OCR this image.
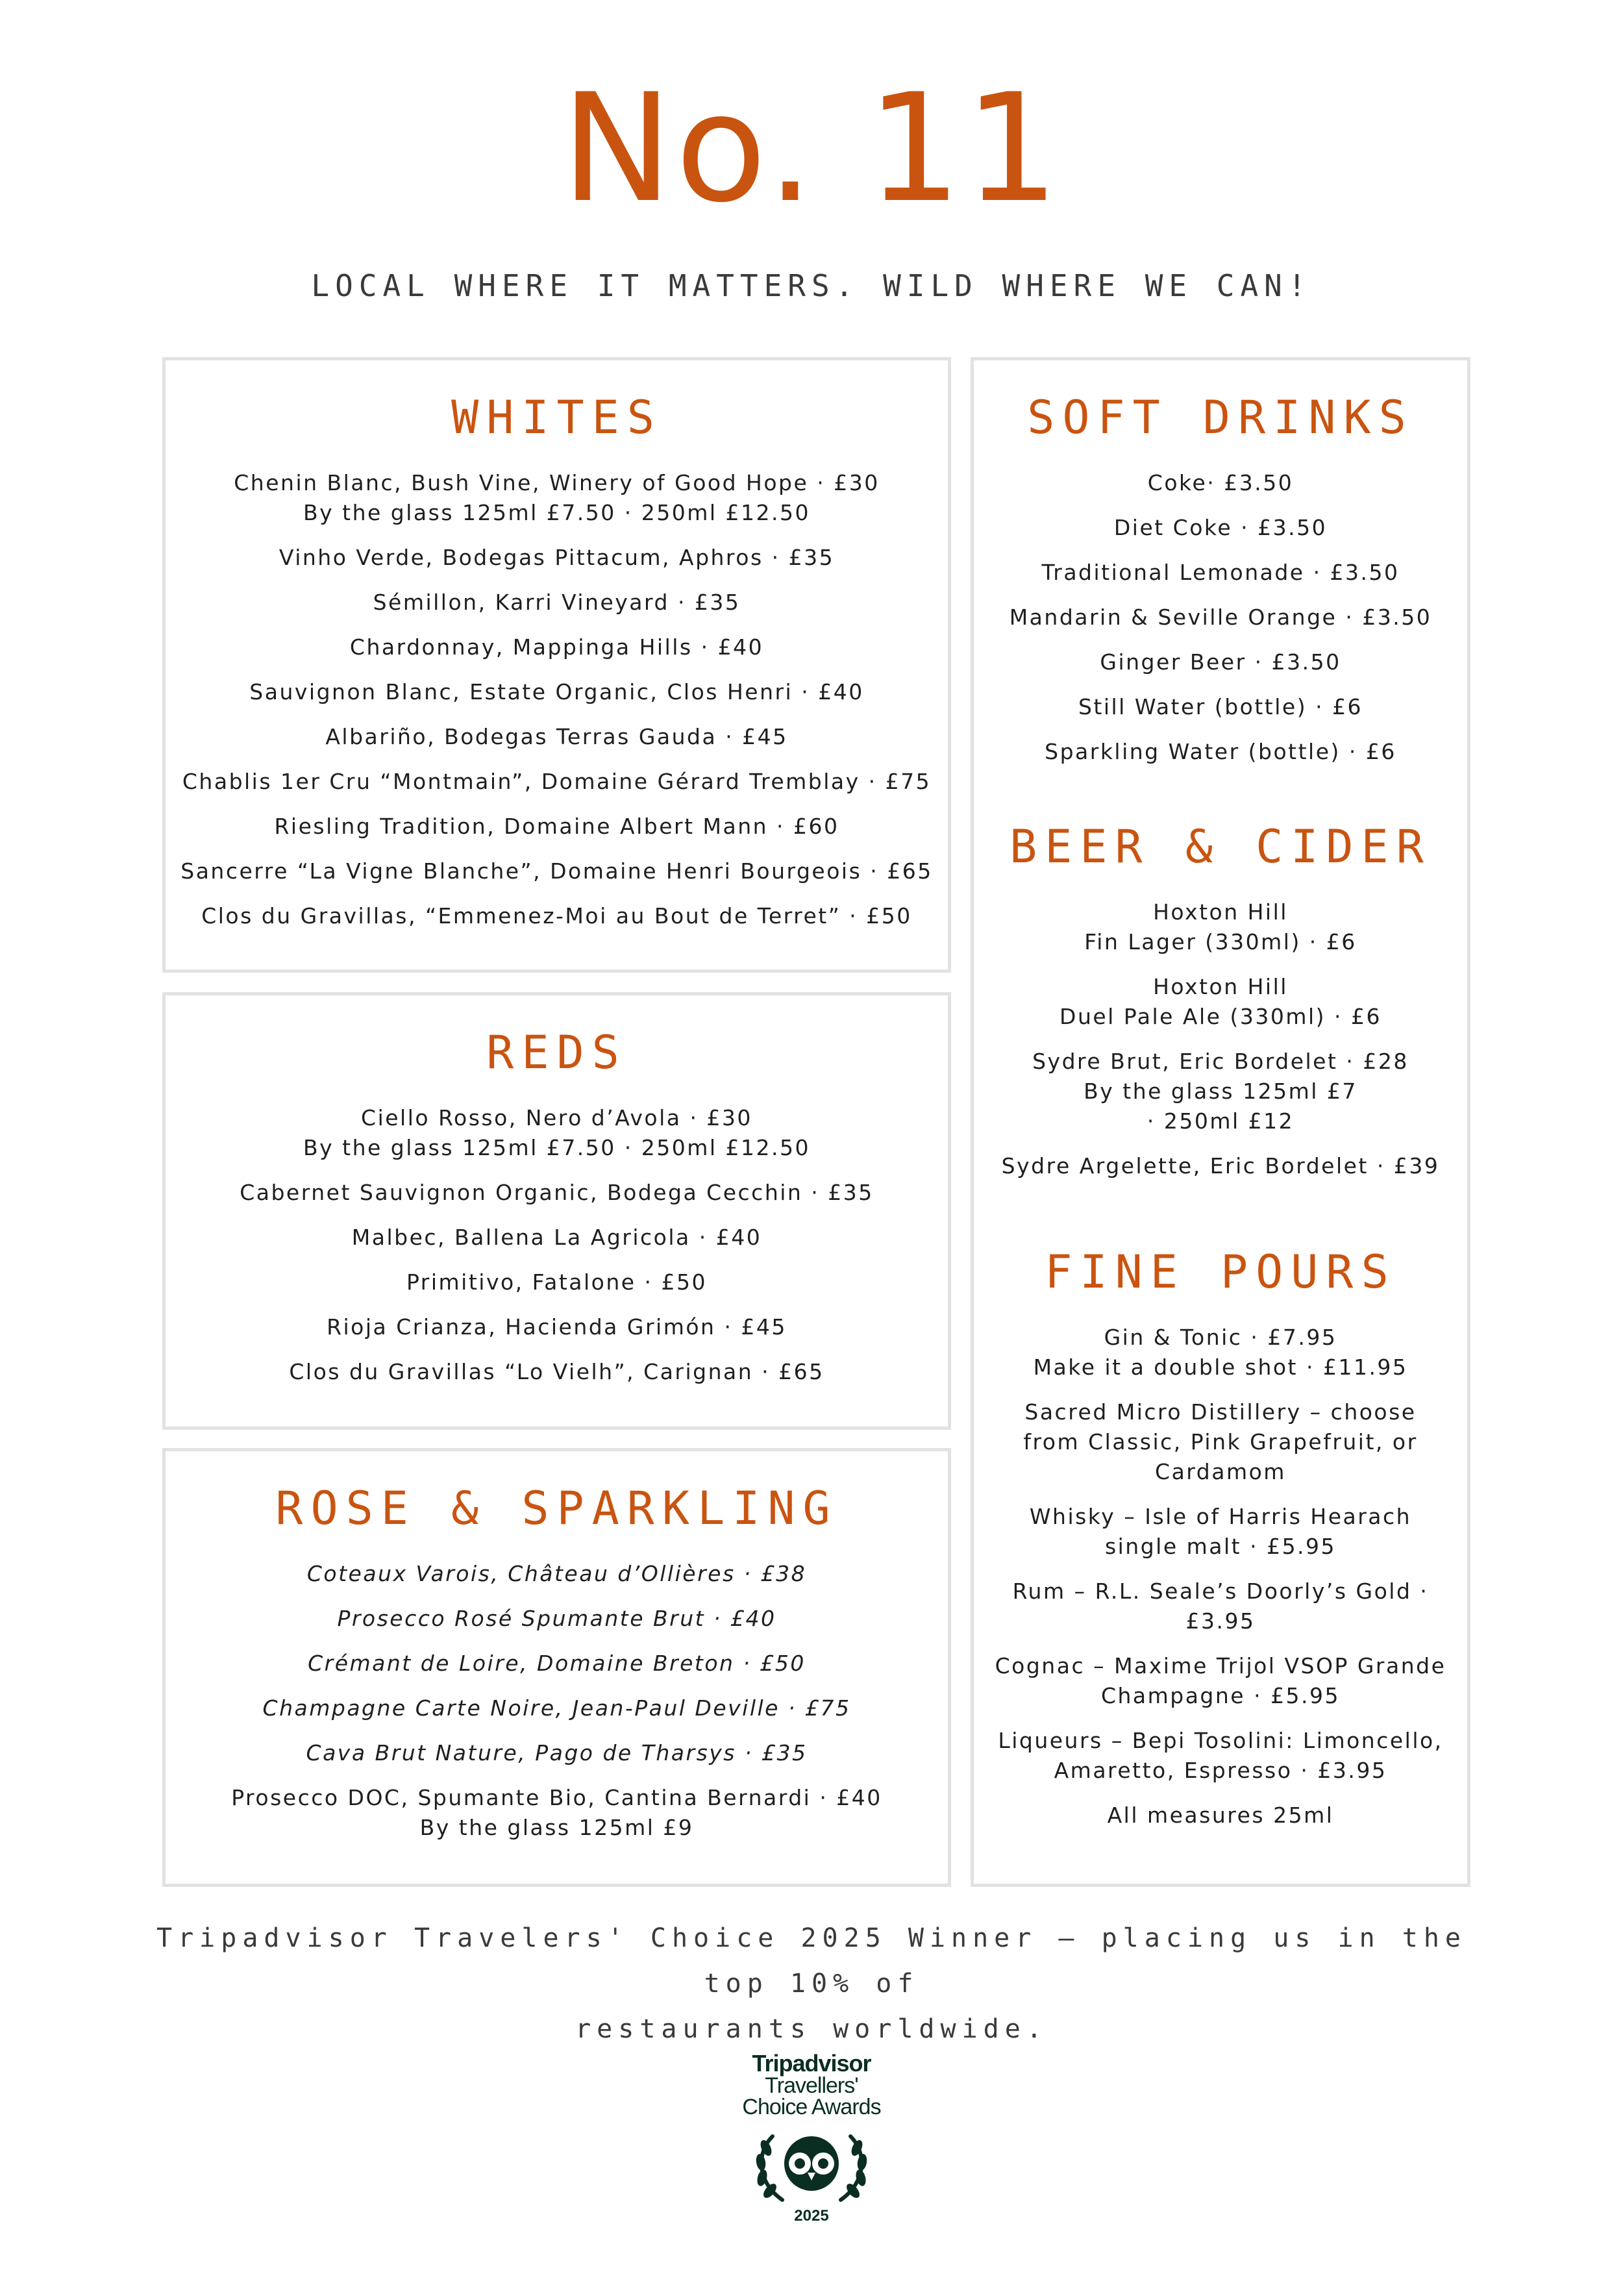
No. 11
LOCAL WHERE IT MATTERS. WILD WHERE WE CAN!
WHITES
Chenin Blanc, Bush Vine, Winery of Good Hope · £30
By the glass 125ml £7.50 · 250ml £12.50
Vinho Verde, Bodegas Pittacum, Aphros · £35
Sémillon, Karri Vineyard · £35
Chardonnay, Mappinga Hills · £40
Sauvignon Blanc, Estate Organic, Clos Henri · £40
Albariño, Bodegas Terras Gauda · £45
Chablis 1er Cru “Montmain”, Domaine Gérard Tremblay · £75
Riesling Tradition, Domaine Albert Mann · £60
Sancerre “La Vigne Blanche”, Domaine Henri Bourgeois · £65
Clos du Gravillas, “Emmenez-Moi au Bout de Terret” · £50
REDS
Ciello Rosso, Nero d’Avola · £30
By the glass 125ml £7.50 · 250ml £12.50
Cabernet Sauvignon Organic, Bodega Cecchin · £35
Malbec, Ballena La Agricola · £40
Primitivo, Fatalone · £50
Rioja Crianza, Hacienda Grimón · £45
Clos du Gravillas “Lo Vielh”, Carignan · £65
ROSE & SPARKLING
Coteaux Varois, Château d’Ollières · £38
Prosecco Rosé Spumante Brut · £40
Crémant de Loire, Domaine Breton · £50
Champagne Carte Noire, Jean-Paul Deville · £75
Cava Brut Nature, Pago de Tharsys · £35
Prosecco DOC, Spumante Bio, Cantina Bernardi · £40
By the glass 125ml £9
SOFT DRINKS
Coke· £3.50
Diet Coke · £3.50
Traditional Lemonade · £3.50
Mandarin & Seville Orange · £3.50
Ginger Beer · £3.50
Still Water (bottle) · £6
Sparkling Water (bottle) · £6
BEER & CIDER
Hoxton Hill
Fin Lager (330ml) · £6
Hoxton Hill
Duel Pale Ale (330ml) · £6
Sydre Brut, Eric Bordelet · £28
By the glass 125ml £7
· 250ml £12
Sydre Argelette, Eric Bordelet · £39
FINE POURS
Gin & Tonic · £7.95
Make it a double shot · £11.95
Sacred Micro Distillery – choose
from Classic, Pink Grapefruit, or
Cardamom
Whisky – Isle of Harris Hearach
single malt · £5.95
Rum – R.L. Seale’s Doorly’s Gold ·
£3.95
Cognac – Maxime Trijol VSOP Grande
Champagne · £5.95
Liqueurs – Bepi Tosolini: Limoncello,
Amaretto, Espresso · £3.95
All measures 25ml
Tripadvisor Travelers' Choice 2025 Winner — placing us in the top 10% of
restaurants worldwide.
Tripadvisor
Travellers'
Choice Awards
2025
